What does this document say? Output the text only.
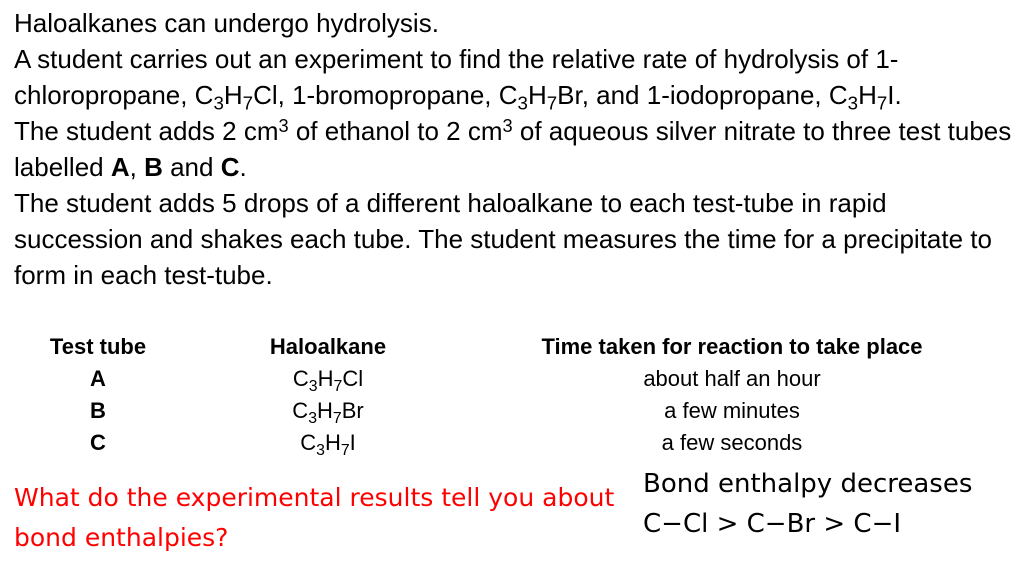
Haloalkanes can undergo hydrolysis.

A student carries out an experiment to find the relative rate of hydrolysis of 1-chloropropane, $C_3H_7Cl$, 1-bromopropane, $C_3H_7Br$, and 1-iodopropane, $C_3H_7I$.

The student adds 2 $cm^3$ of ethanol to 2 $cm^3$ of aqueous silver nitrate to three test tubes labelled A, B and C.

The student adds 5 drops of a different haloalkane to each test-tube in rapid succession and shakes each tube. The student measures the time for a precipitate to form in each test-tube.

Test tube	Haloalkane	Time taken for reaction to take place
A	$C_3H_7Cl$	about half an hour
B	$C_3H_7Br$	a few minutes
C	$C_3H_7I$	a few seconds
What do the experimental results tell you about
bond enthalpies?
Bond enthalpy decreases
C−Cl > C−Br > C−I
